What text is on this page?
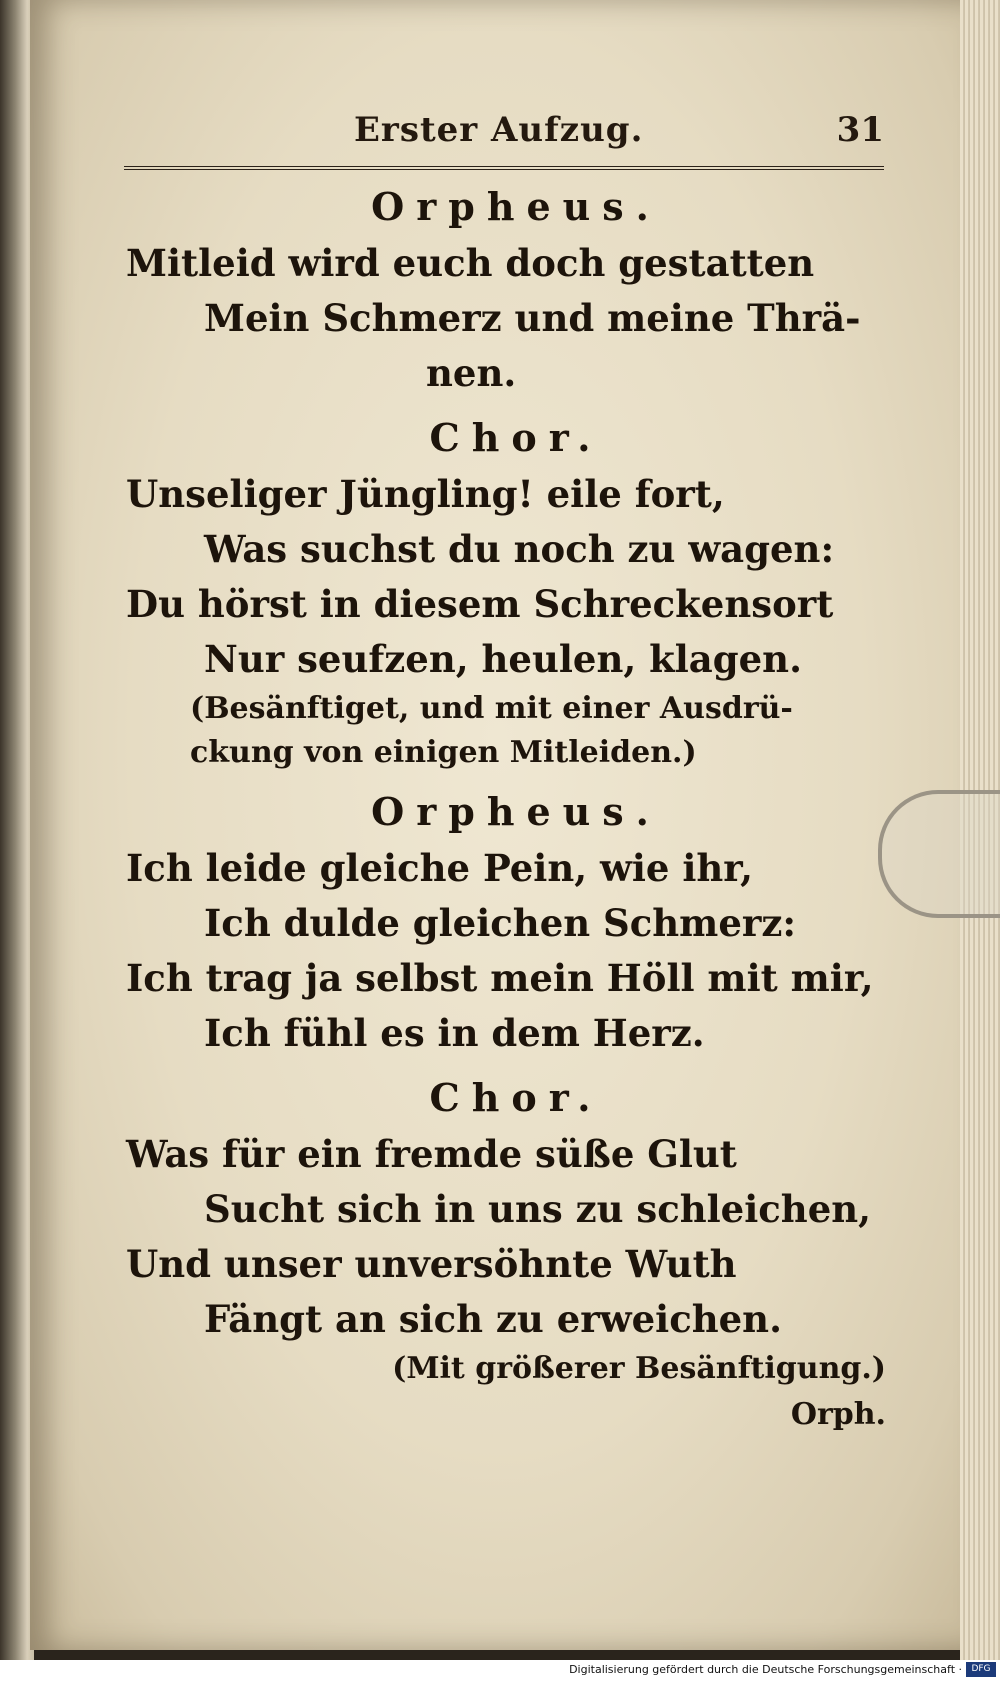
Erster Aufzug.	31

Orpheus.

Mitleid wird euch doch gestatten

Mein Schmerz und meine Thrä-

nen.

Chor.

Unseliger Jüngling! eile fort,

Was suchst du noch zu wagen:

Du hörst in diesem Schreckensort

Nur seufzen, heulen, klagen.

(Besänftiget, und mit einer Ausdrü-

ckung von einigen Mitleiden.)

Orpheus.

Ich leide gleiche Pein, wie ihr,

Ich dulde gleichen Schmerz:

Ich trag ja selbst mein Höll mit mir,

Ich fühl es in dem Herz.

Chor.

Was für ein fremde süße Glut

Sucht sich in uns zu schleichen,

Und unser unversöhnte Wuth

Fängt an sich zu erweichen.

(Mit größerer Besänftigung.)

Orph.

Digitalisierung gefördert durch die Deutsche Forschungsgemeinschaft ·	DFG
